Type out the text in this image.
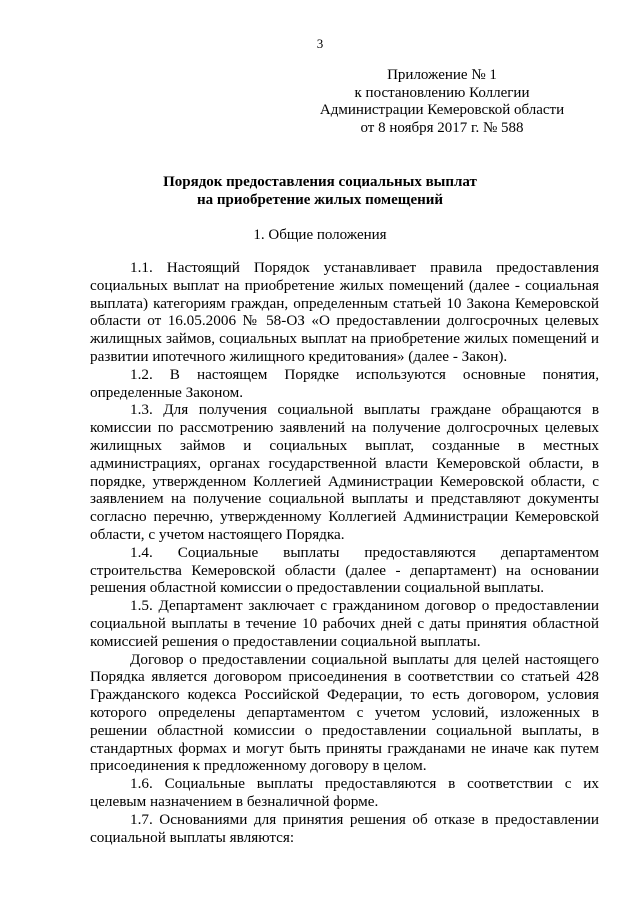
3
Приложение № 1
к постановлению Коллегии
Администрации Кемеровской области
от 8 ноября 2017 г. № 588
Порядок предоставления социальных выплат
на приобретение жилых помещений
1. Общие положения

1.1. Настоящий Порядок устанавливает правила предоставления социальных выплат на приобретение жилых помещений (далее - социальная выплата) категориям граждан, определенным статьей 10 Закона Кемеровской области от 16.05.2006 № 58-ОЗ «О предоставлении долгосрочных целевых жилищных займов, социальных выплат на приобретение жилых помещений и развитии ипотечного жилищного кредитования» (далее - Закон).

1.2. В настоящем Порядке используются основные понятия, определенные Законом.

1.3. Для получения социальной выплаты граждане обращаются в комиссии по рассмотрению заявлений на получение долгосрочных целевых жилищных займов и социальных выплат, созданные в местных администрациях, органах государственной власти Кемеровской области, в порядке, утвержденном Коллегией Администрации Кемеровской области, с заявлением на получение социальной выплаты и представляют документы согласно перечню, утвержденному Коллегией Администрации Кемеровской области, с учетом настоящего Порядка.

1.4. Социальные выплаты предоставляются департаментом строительства Кемеровской области (далее - департамент) на основании решения областной комиссии о предоставлении социальной выплаты.

1.5. Департамент заключает с гражданином договор о предоставлении социальной выплаты в течение 10 рабочих дней с даты принятия областной комиссией решения о предоставлении социальной выплаты.

Договор о предоставлении социальной выплаты для целей настоящего Порядка является договором присоединения в соответствии со статьей 428 Гражданского кодекса Российской Федерации, то есть договором, условия которого определены департаментом с учетом условий, изложенных в решении областной комиссии о предоставлении социальной выплаты, в стандартных формах и могут быть приняты гражданами не иначе как путем присоединения к предложенному договору в целом.

1.6. Социальные выплаты предоставляются в соответствии с их целевым назначением в безналичной форме.

1.7. Основаниями для принятия решения об отказе в предоставлении социальной выплаты являются:
